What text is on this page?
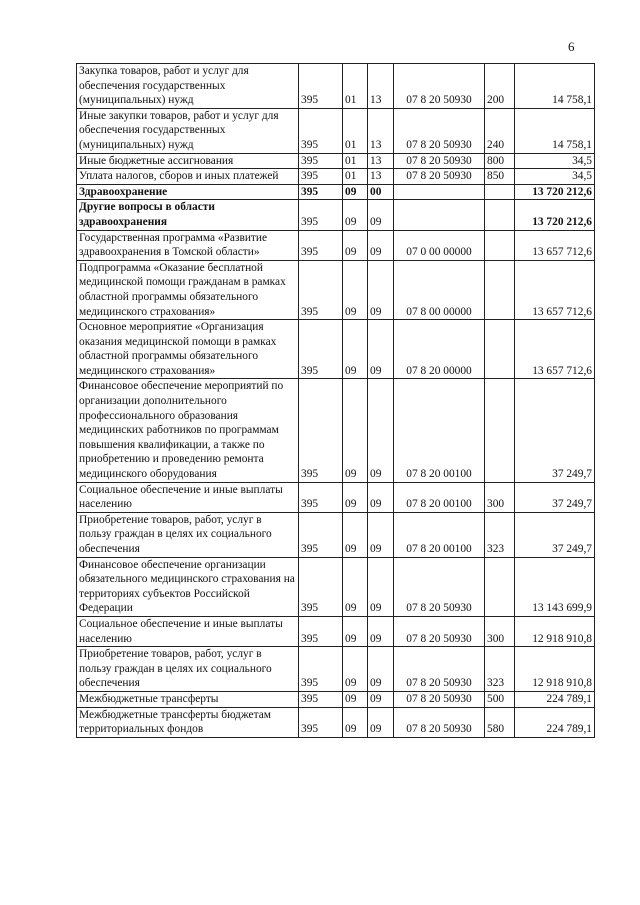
6
Закупка товаров, работ и услуг для обеспечения государственных (муниципальных) нужд	395	01	13	07 8 20 50930	200	14 758,1
Иные закупки товаров, работ и услуг для обеспечения государственных (муниципальных) нужд	395	01	13	07 8 20 50930	240	14 758,1
Иные бюджетные ассигнования	395	01	13	07 8 20 50930	800	34,5
Уплата налогов, сборов и иных платежей	395	01	13	07 8 20 50930	850	34,5
Здравоохранение	395	09	00			13 720 212,6
Другие вопросы в области здравоохранения	395	09	09			13 720 212,6
Государственная программа «Развитие здравоохранения в Томской области»	395	09	09	07 0 00 00000		13 657 712,6
Подпрограмма «Оказание бесплатной медицинской помощи гражданам в рамках областной программы обязательного медицинского страхования»	395	09	09	07 8 00 00000		13 657 712,6
Основное мероприятие «Организация оказания медицинской помощи в рамках областной программы обязательного медицинского страхования»	395	09	09	07 8 20 00000		13 657 712,6
Финансовое обеспечение мероприятий по организации дополнительного профессионального образования медицинских работников по программам повышения квалификации, а также по приобретению и проведению ремонта медицинского оборудования	395	09	09	07 8 20 00100		37 249,7
Социальное обеспечение и иные выплаты населению	395	09	09	07 8 20 00100	300	37 249,7
Приобретение товаров, работ, услуг в пользу граждан в целях их социального обеспечения	395	09	09	07 8 20 00100	323	37 249,7
Финансовое обеспечение организации обязательного медицинского страхования на территориях субъектов Российской Федерации	395	09	09	07 8 20 50930		13 143 699,9
Социальное обеспечение и иные выплаты населению	395	09	09	07 8 20 50930	300	12 918 910,8
Приобретение товаров, работ, услуг в пользу граждан в целях их социального обеспечения	395	09	09	07 8 20 50930	323	12 918 910,8
Межбюджетные трансферты	395	09	09	07 8 20 50930	500	224 789,1
Межбюджетные трансферты бюджетам территориальных фондов	395	09	09	07 8 20 50930	580	224 789,1
